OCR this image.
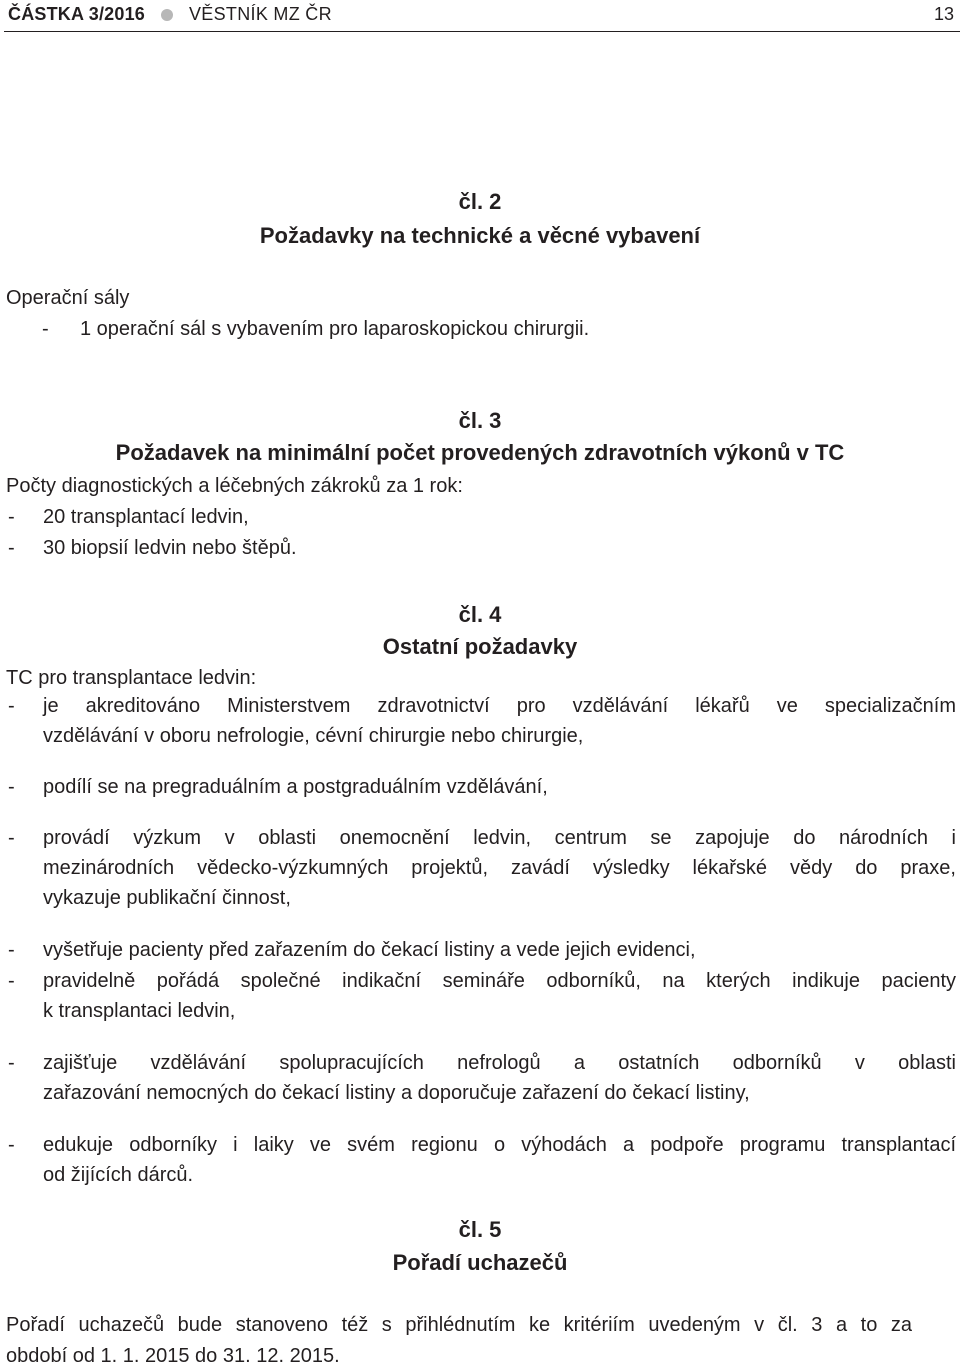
ČÁSTKA 3/2016 VĚSTNÍK MZ ČR	13
čl. 2
Požadavky na technické a věcné vybavení
Operační sály
- 1 operační sál s vybavením pro laparoskopickou chirurgii.
čl. 3
Požadavek na minimální počet provedených zdravotních výkonů v TC
Počty diagnostických a léčebných zákroků za 1 rok:
- 20 transplantací ledvin,
- 30 biopsií ledvin nebo štěpů.
čl. 4
Ostatní požadavky
TC pro transplantace ledvin:
- je akreditováno Ministerstvem zdravotnictví pro vzdělávání lékařů ve specializačním
vzdělávání v oboru nefrologie, cévní chirurgie nebo chirurgie,
- podílí se na pregraduálním a postgraduálním vzdělávání,
- provádí výzkum v oblasti onemocnění ledvin, centrum se zapojuje do národních i
mezinárodních vědecko-výzkumných projektů, zavádí výsledky lékařské vědy do praxe,
vykazuje publikační činnost,
- vyšetřuje pacienty před zařazením do čekací listiny a vede jejich evidenci,
- pravidelně pořádá společné indikační semináře odborníků, na kterých indikuje pacienty
k transplantaci ledvin,
- zajišťuje vzdělávání spolupracujících nefrologů a ostatních odborníků v oblasti
zařazování nemocných do čekací listiny a doporučuje zařazení do čekací listiny,
- edukuje odborníky i laiky ve svém regionu o výhodách a podpoře programu transplantací
od žijících dárců.
čl. 5
Pořadí uchazečů
Pořadí uchazečů bude stanoveno též s přihlédnutím ke kritériím uvedeným v čl. 3 a to za
období od 1. 1. 2015 do 31. 12. 2015.
